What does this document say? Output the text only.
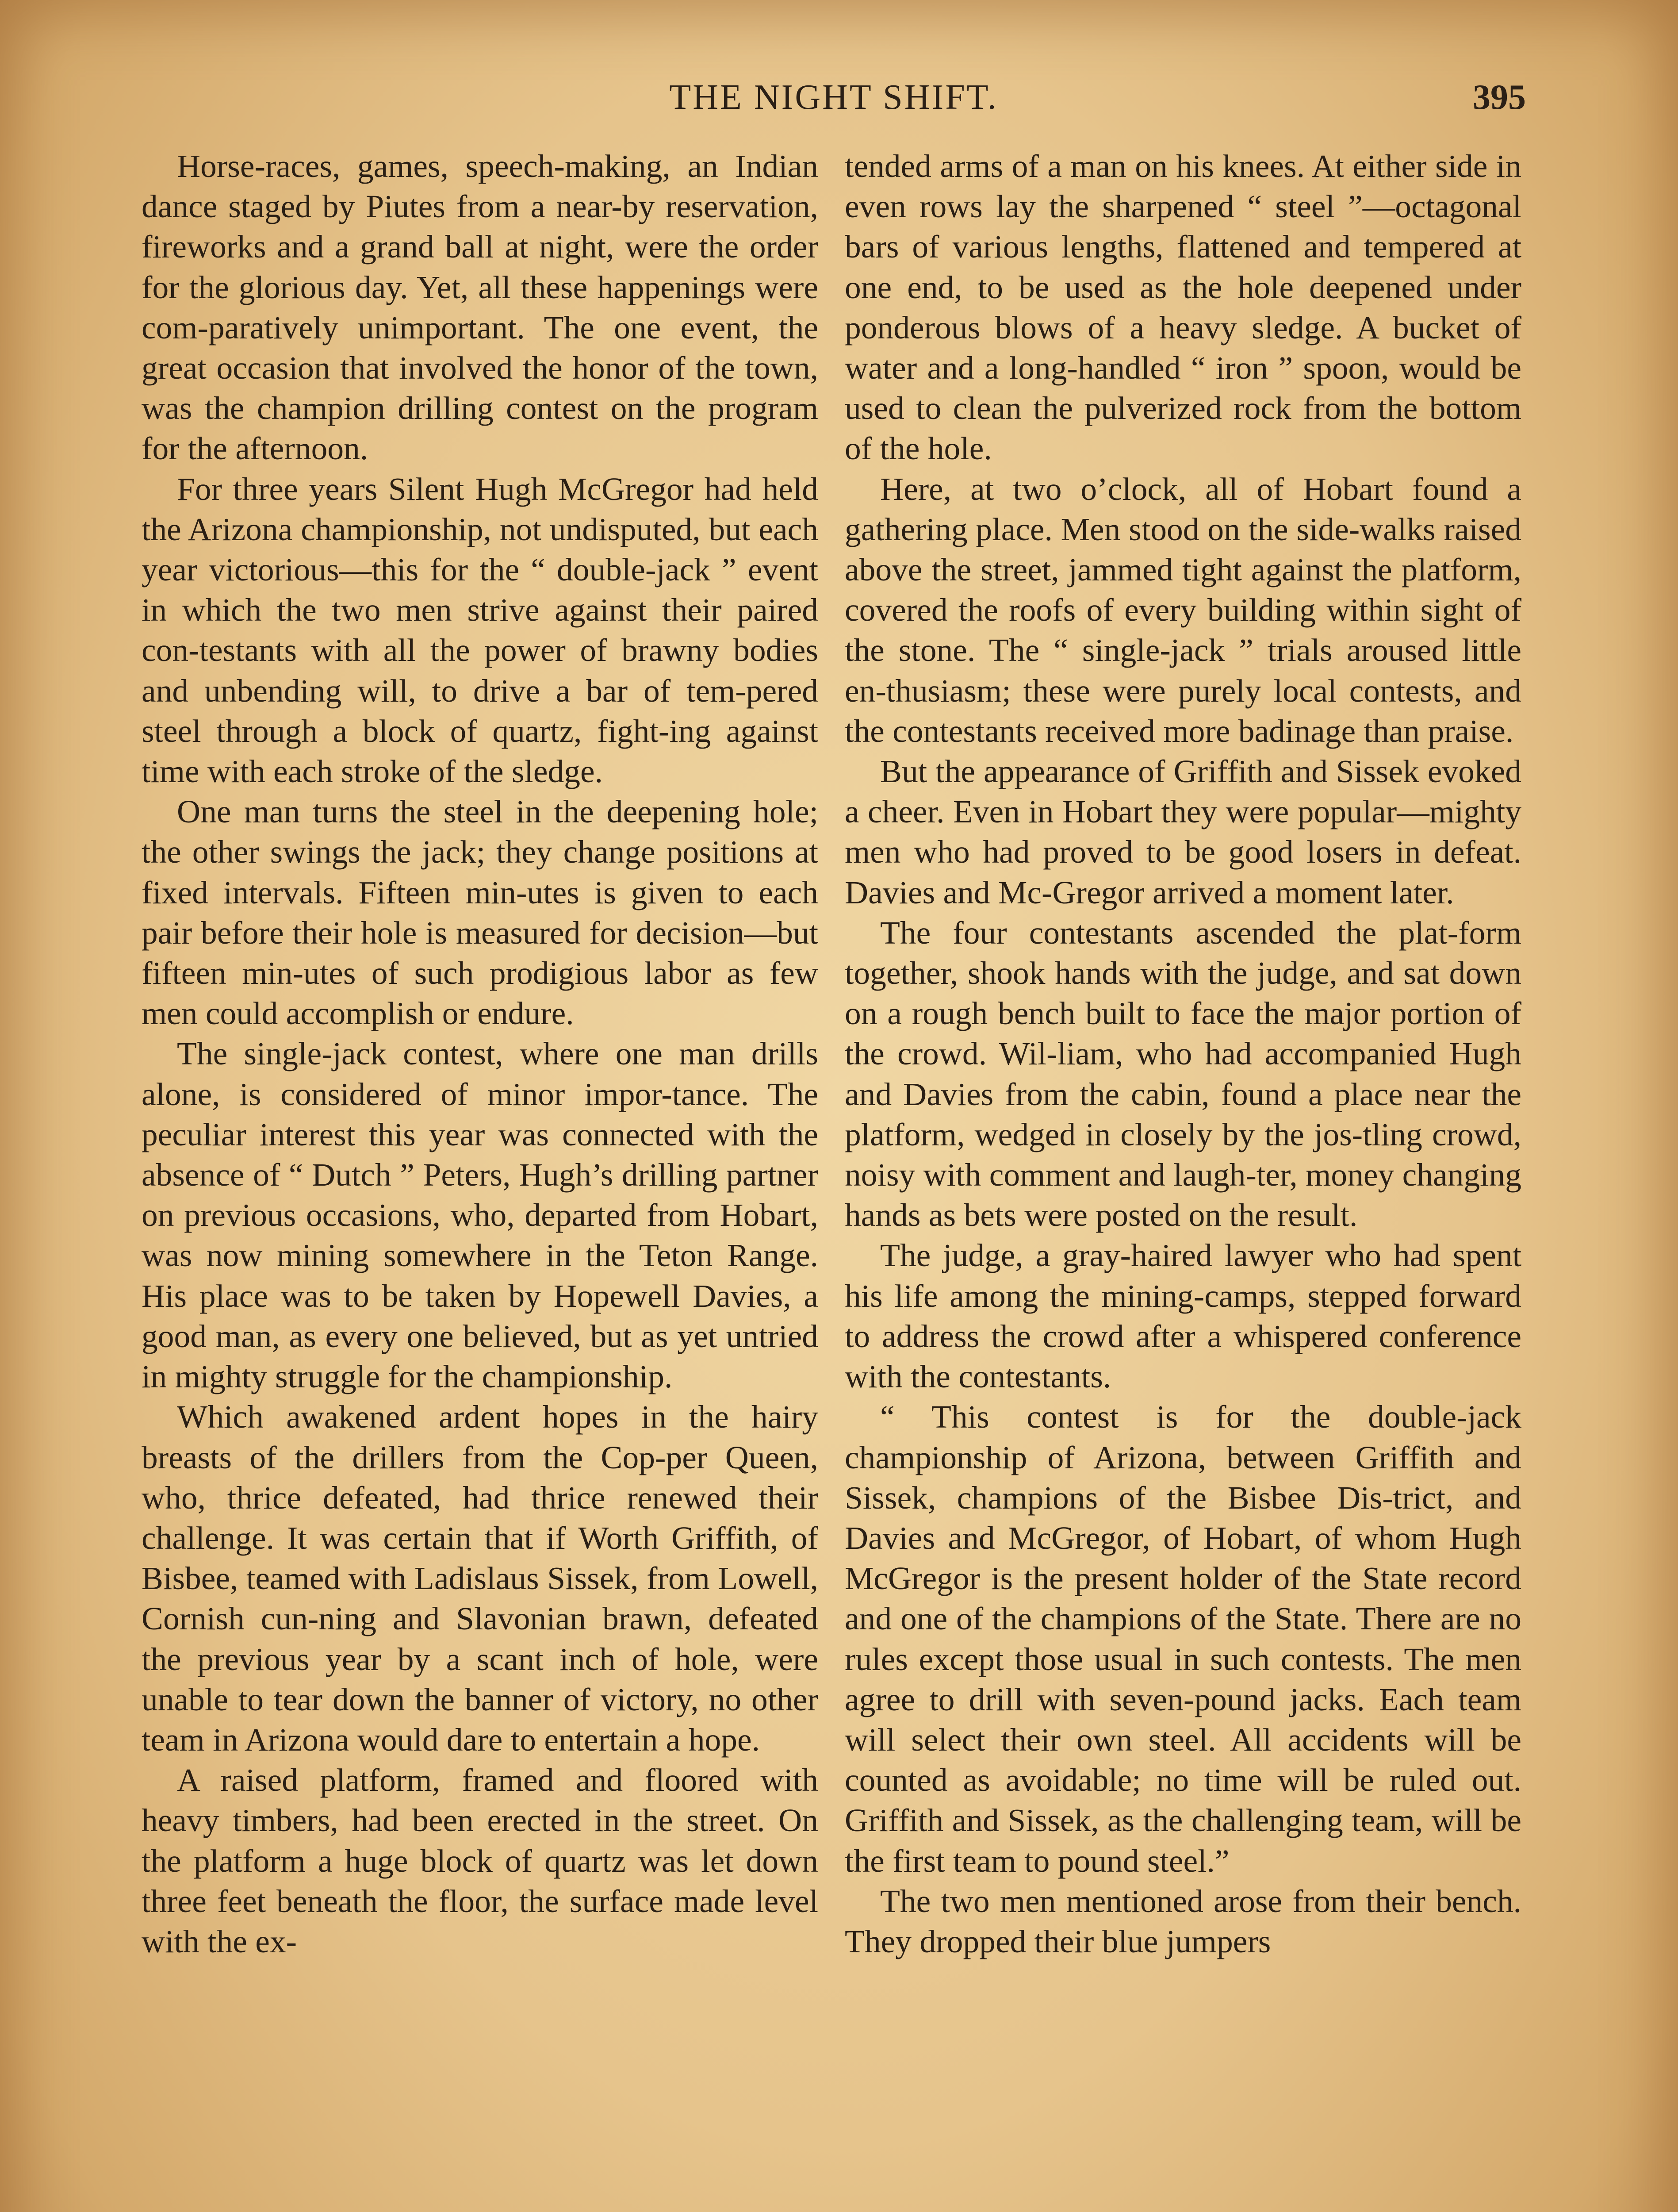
THE NIGHT SHIFT.	395

Horse-races, games, speech-making, an Indian dance staged by Piutes from a near-by reservation, fireworks and a grand ball at night, were the order for the glorious day. Yet, all these happenings were com-paratively unimportant. The one event, the great occasion that involved the honor of the town, was the champion drilling contest on the program for the afternoon.

For three years Silent Hugh McGregor had held the Arizona championship, not undisputed, but each year victorious—this for the “ double-jack ” event in which the two men strive against their paired con-testants with all the power of brawny bodies and unbending will, to drive a bar of tem-pered steel through a block of quartz, fight-ing against time with each stroke of the sledge.

One man turns the steel in the deepening hole; the other swings the jack; they change positions at fixed intervals. Fifteen min-utes is given to each pair before their hole is measured for decision—but fifteen min-utes of such prodigious labor as few men could accomplish or endure.

The single-jack contest, where one man drills alone, is considered of minor impor-tance. The peculiar interest this year was connected with the absence of “ Dutch ” Peters, Hugh’s drilling partner on previous occasions, who, departed from Hobart, was now mining somewhere in the Teton Range. His place was to be taken by Hopewell Davies, a good man, as every one believed, but as yet untried in mighty struggle for the championship.

Which awakened ardent hopes in the hairy breasts of the drillers from the Cop-per Queen, who, thrice defeated, had thrice renewed their challenge. It was certain that if Worth Griffith, of Bisbee, teamed with Ladislaus Sissek, from Lowell, Cornish cun-ning and Slavonian brawn, defeated the previous year by a scant inch of hole, were unable to tear down the banner of victory, no other team in Arizona would dare to entertain a hope.

A raised platform, framed and floored with heavy timbers, had been erected in the street. On the platform a huge block of quartz was let down three feet beneath the floor, the surface made level with the ex-

tended arms of a man on his knees. At either side in even rows lay the sharpened “ steel ”—octagonal bars of various lengths, flattened and tempered at one end, to be used as the hole deepened under ponderous blows of a heavy sledge. A bucket of water and a long-handled “ iron ” spoon, would be used to clean the pulverized rock from the bottom of the hole.

Here, at two o’clock, all of Hobart found a gathering place. Men stood on the side-walks raised above the street, jammed tight against the platform, covered the roofs of every building within sight of the stone. The “ single-jack ” trials aroused little en-thusiasm; these were purely local contests, and the contestants received more badinage than praise.

But the appearance of Griffith and Sissek evoked a cheer. Even in Hobart they were popular—mighty men who had proved to be good losers in defeat. Davies and Mc-Gregor arrived a moment later.

The four contestants ascended the plat-form together, shook hands with the judge, and sat down on a rough bench built to face the major portion of the crowd. Wil-liam, who had accompanied Hugh and Davies from the cabin, found a place near the platform, wedged in closely by the jos-tling crowd, noisy with comment and laugh-ter, money changing hands as bets were posted on the result.

The judge, a gray-haired lawyer who had spent his life among the mining-camps, stepped forward to address the crowd after a whispered conference with the contestants.

“ This contest is for the double-jack championship of Arizona, between Griffith and Sissek, champions of the Bisbee Dis-trict, and Davies and McGregor, of Hobart, of whom Hugh McGregor is the present holder of the State record and one of the champions of the State. There are no rules except those usual in such contests. The men agree to drill with seven-pound jacks. Each team will select their own steel. All accidents will be counted as avoidable; no time will be ruled out. Griffith and Sissek, as the challenging team, will be the first team to pound steel.”

The two men mentioned arose from their bench. They dropped their blue jumpers
